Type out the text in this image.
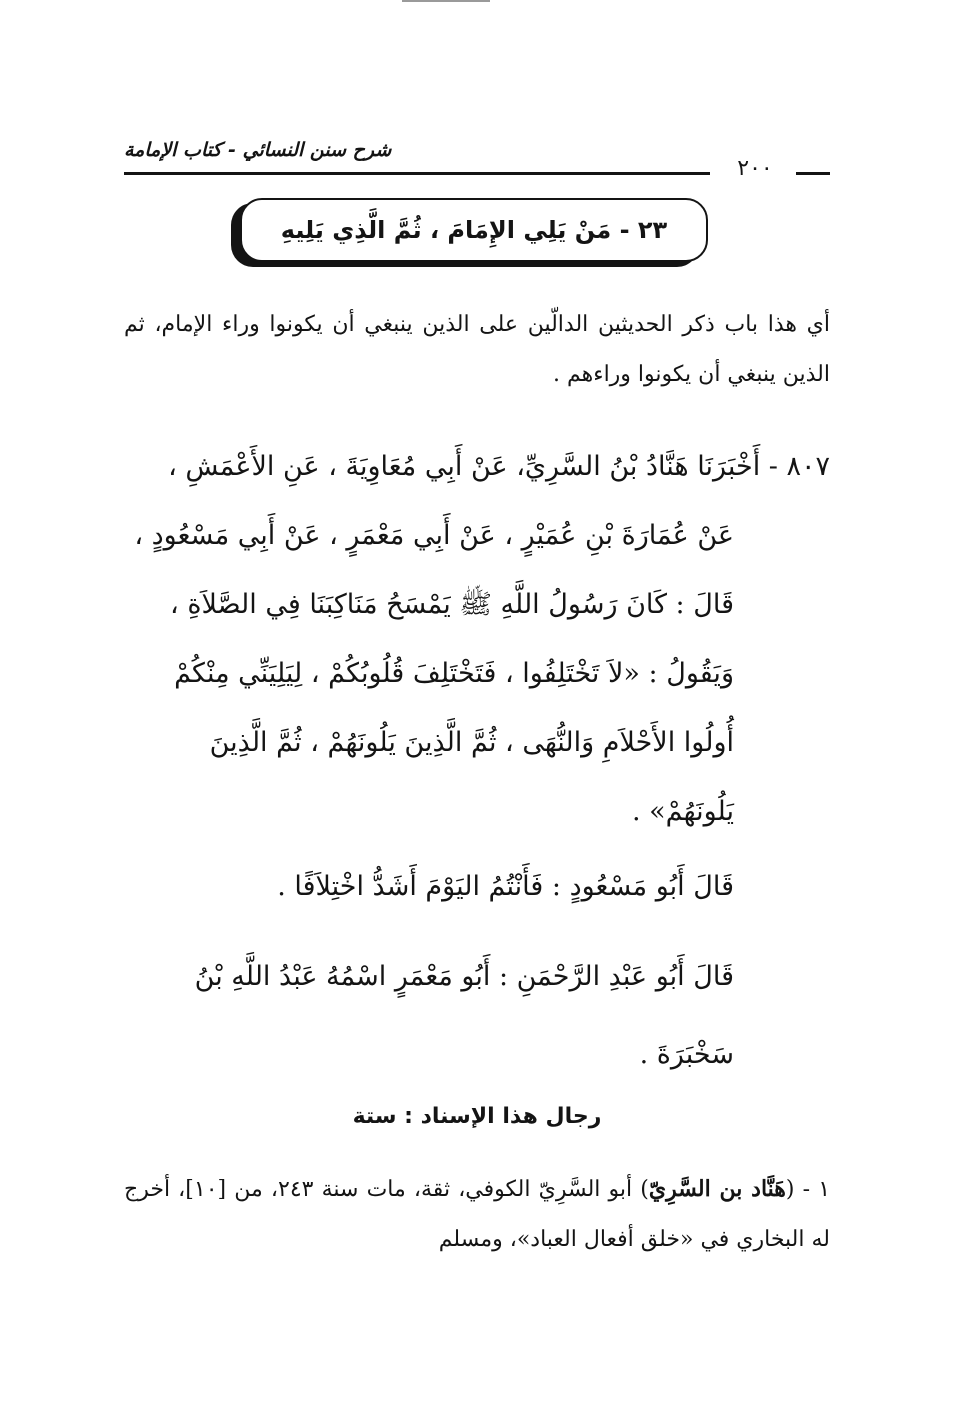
شرح سنن النسائي - كتاب الإمامة
٢٠٠
٢٣ - مَنْ يَلِي الإِمَامَ ، ثُمَّ الَّذِي يَلِيهِ
أي هذا باب ذكر الحديثين الدالّين على الذين ينبغي أن يكونوا وراء الإمام، ثم الذين ينبغي أن يكونوا وراءهم .
٨٠٧ - أَخْبَرَنَا هَنَّادُ بْنُ السَّرِيِّ، عَنْ أَبِي مُعَاوِيَةَ ، عَنِ الأَعْمَشِ ،
عَنْ عُمَارَةَ بْنِ عُمَيْرٍ ، عَنْ أَبِي مَعْمَرٍ ، عَنْ أَبِي مَسْعُودٍ ،
قَالَ : كَانَ رَسُولُ اللَّهِ ﷺ يَمْسَحُ مَنَاكِبَنَا فِي الصَّلاَةِ ،
وَيَقُولُ : «لاَ تَخْتَلِفُوا ، فَتَخْتَلِفَ قُلُوبُكُمْ ، لِيَلِيَنِّي مِنْكُمْ
أُولُوا الأَحْلاَمِ وَالنُّهَى ، ثُمَّ الَّذِينَ يَلُونَهُمْ ، ثُمَّ الَّذِينَ
يَلُونَهُمْ» .
قَالَ أَبُو مَسْعُودٍ : فَأَنْتُمُ اليَوْمَ أَشَدُّ اخْتِلاَفًا .
قَالَ أَبُو عَبْدِ الرَّحْمَنِ : أَبُو مَعْمَرٍ اسْمُهُ عَبْدُ اللَّهِ بْنُ
سَخْبَرَةَ .
رجال هذا الإسناد : ستة
١ - (هَنَّاد بن السَّرِيّ) أبو السَّرِيّ الكوفي، ثقة، مات سنة ٢٤٣، من [١٠]، أخرج له البخاري في «خلق أفعال العباد»، ومسلم
